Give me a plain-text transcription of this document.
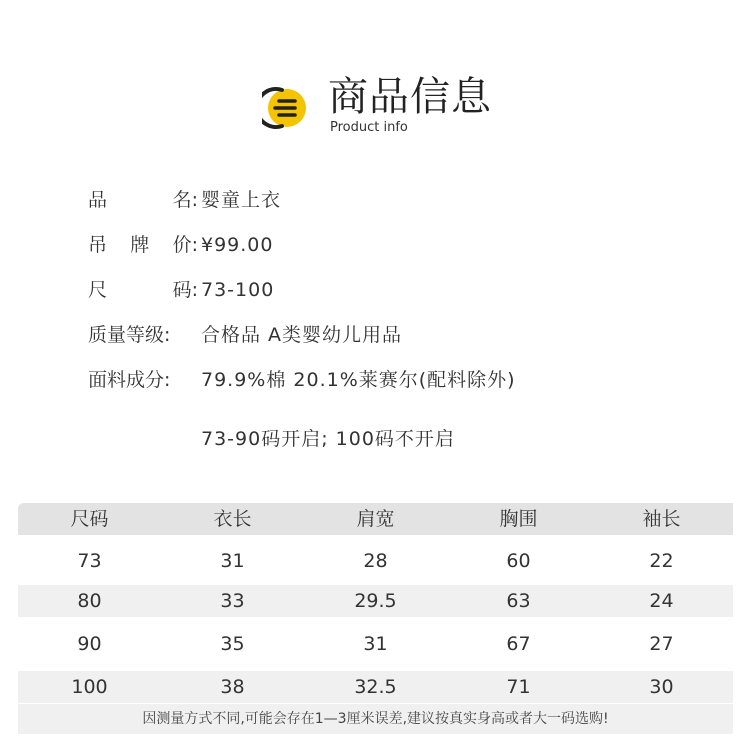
商品信息
Product info
品	名: 婴童上衣
吊 牌 价: ¥99.00
尺	码: 73-100
质量等级: 合格品 A类婴幼儿用品
面料成分: 79.9%棉 20.1%莱赛尔(配料除外)
73-90码开启; 100码不开启
尺码	衣长	肩宽	胸围	袖长
73	31	28	60	22
80	33	29.5	63	24
90	35	31	67	27
100	38	32.5	71	30
因测量方式不同,可能会存在1—3厘米误差,建议按真实身高或者大一码选购!
